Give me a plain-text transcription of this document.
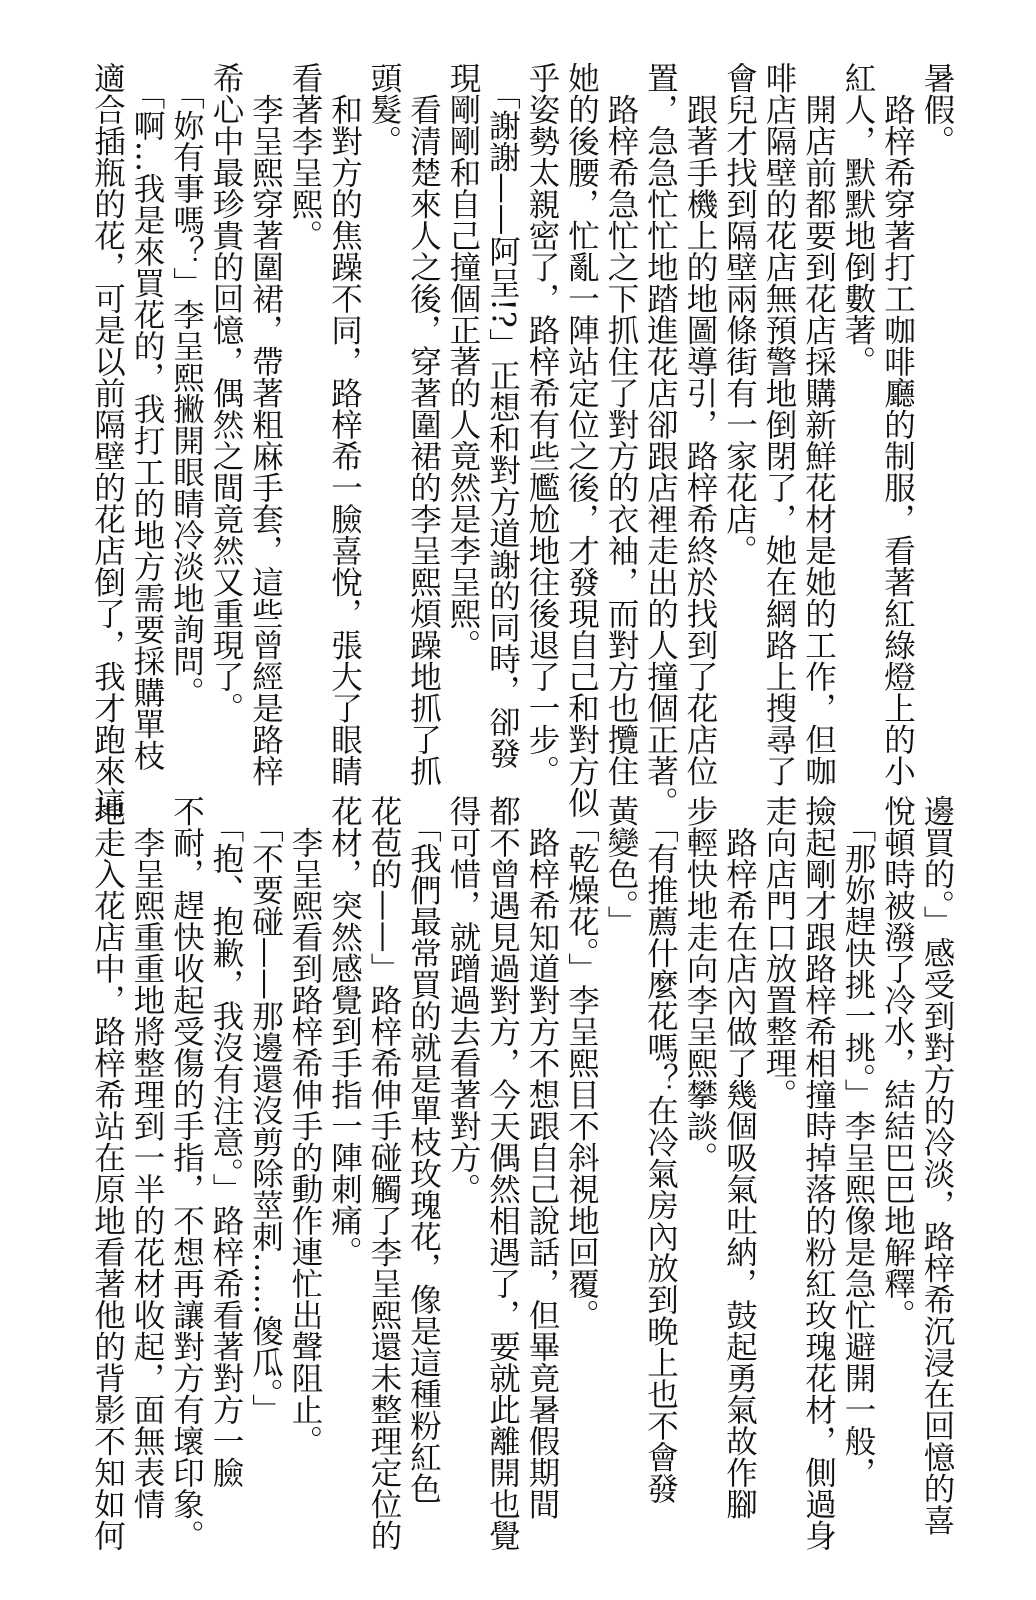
暑假。
　路梓希穿著打工咖啡廳的制服，看著紅綠燈上的小
紅人，默默地倒數著。
　開店前都要到花店採購新鮮花材是她的工作，但咖
啡店隔壁的花店無預警地倒閉了，她在網路上搜尋了一
會兒才找到隔壁兩條街有一家花店。
　跟著手機上的地圖導引，路梓希終於找到了花店位
置，急急忙忙地踏進花店卻跟店裡走出的人撞個正著。
　路梓希急忙之下抓住了對方的衣袖，而對方也攬住
她的後腰，忙亂一陣站定位之後，才發現自己和對方似
乎姿勢太親密了，路梓希有些尷尬地往後退了一步。
　「謝謝——阿呈!?」正想和對方道謝的同時，卻發
現剛剛和自己撞個正著的人竟然是李呈熙。
　看清楚來人之後，穿著圍裙的李呈熙煩躁地抓了抓
頭髮。
　和對方的焦躁不同，路梓希一臉喜悅，張大了眼睛
看著李呈熙。
　李呈熙穿著圍裙，帶著粗麻手套，這些曾經是路梓
希心中最珍貴的回憶，偶然之間竟然又重現了。
　「妳有事嗎？」李呈熙撇開眼睛冷淡地詢問。
　「啊…我是來買花的，我打工的地方需要採購單枝
適合插瓶的花，可是以前隔壁的花店倒了，我才跑來這
邊買的。」感受到對方的冷淡，路梓希沉浸在回憶的喜
悅頓時被潑了冷水，結結巴巴地解釋。
　「那妳趕快挑一挑。」李呈熙像是急忙避開一般，
撿起剛才跟路梓希相撞時掉落的粉紅玫瑰花材，側過身
走向店門口放置整理。
　路梓希在店內做了幾個吸氣吐納，鼓起勇氣故作腳
步輕快地走向李呈熙攀談。
　「有推薦什麼花嗎？在冷氣房內放到晚上也不會發
黃變色。」
　「乾燥花。」李呈熙目不斜視地回覆。
　路梓希知道對方不想跟自己說話，但畢竟暑假期間
都不曾遇見過對方，今天偶然相遇了，要就此離開也覺
得可惜，就蹭過去看著對方。
　「我們最常買的就是單枝玫瑰花，像是這種粉紅色
花苞的——」路梓希伸手碰觸了李呈熙還未整理定位的
花材，突然感覺到手指一陣刺痛。
　李呈熙看到路梓希伸手的動作連忙出聲阻止。
　「不要碰——那邊還沒剪除莖刺……傻瓜。」
　「抱、抱歉，我沒有注意。」路梓希看著對方一臉
不耐，趕快收起受傷的手指，不想再讓對方有壞印象。
　李呈熙重重地將整理到一半的花材收起，面無表情
地走入花店中，路梓希站在原地看著他的背影不知如何
